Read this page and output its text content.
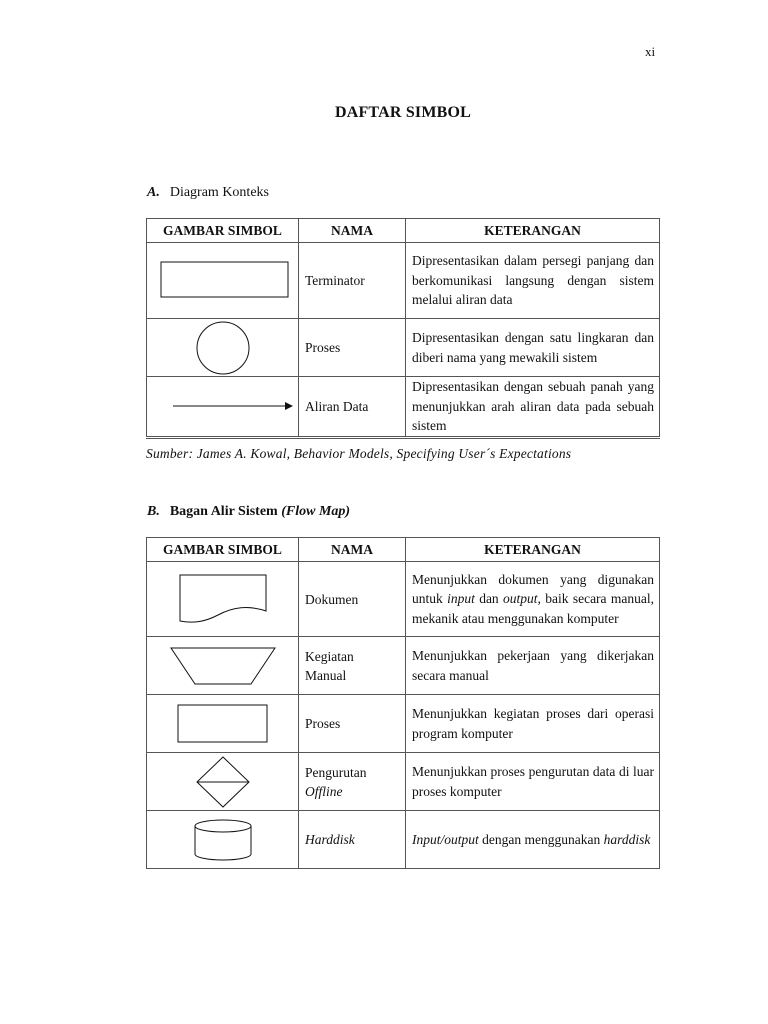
xi
DAFTAR SIMBOL
A. Diagram Konteks
GAMBAR SIMBOL	NAMA	KETERANGAN

	Terminator	Dipresentasikan dalam persegi panjang dan berkomunikasi langsung dengan sistem melalui aliran data

	Proses	Dipresentasikan dengan satu lingkaran dan diberi nama yang mewakili sistem

	Aliran Data	Dipresentasikan dengan sebuah panah yang menunjukkan arah aliran data pada sebuah sistem
Sumber: James A. Kowal, Behavior Models, Specifying User´s Expectations
B. Bagan Alir Sistem (Flow Map)
GAMBAR SIMBOL	NAMA	KETERANGAN

	Dokumen	Menunjukkan dokumen yang digunakan untuk input dan output, baik secara manual, mekanik atau menggunakan komputer

	Kegiatan
Manual	Menunjukkan pekerjaan yang dikerjakan secara manual

	Proses	Menunjukkan kegiatan proses dari operasi program komputer

	Pengurutan
Offline	Menunjukkan proses pengurutan data di luar proses komputer

	Harddisk	Input/output dengan menggunakan harddisk
